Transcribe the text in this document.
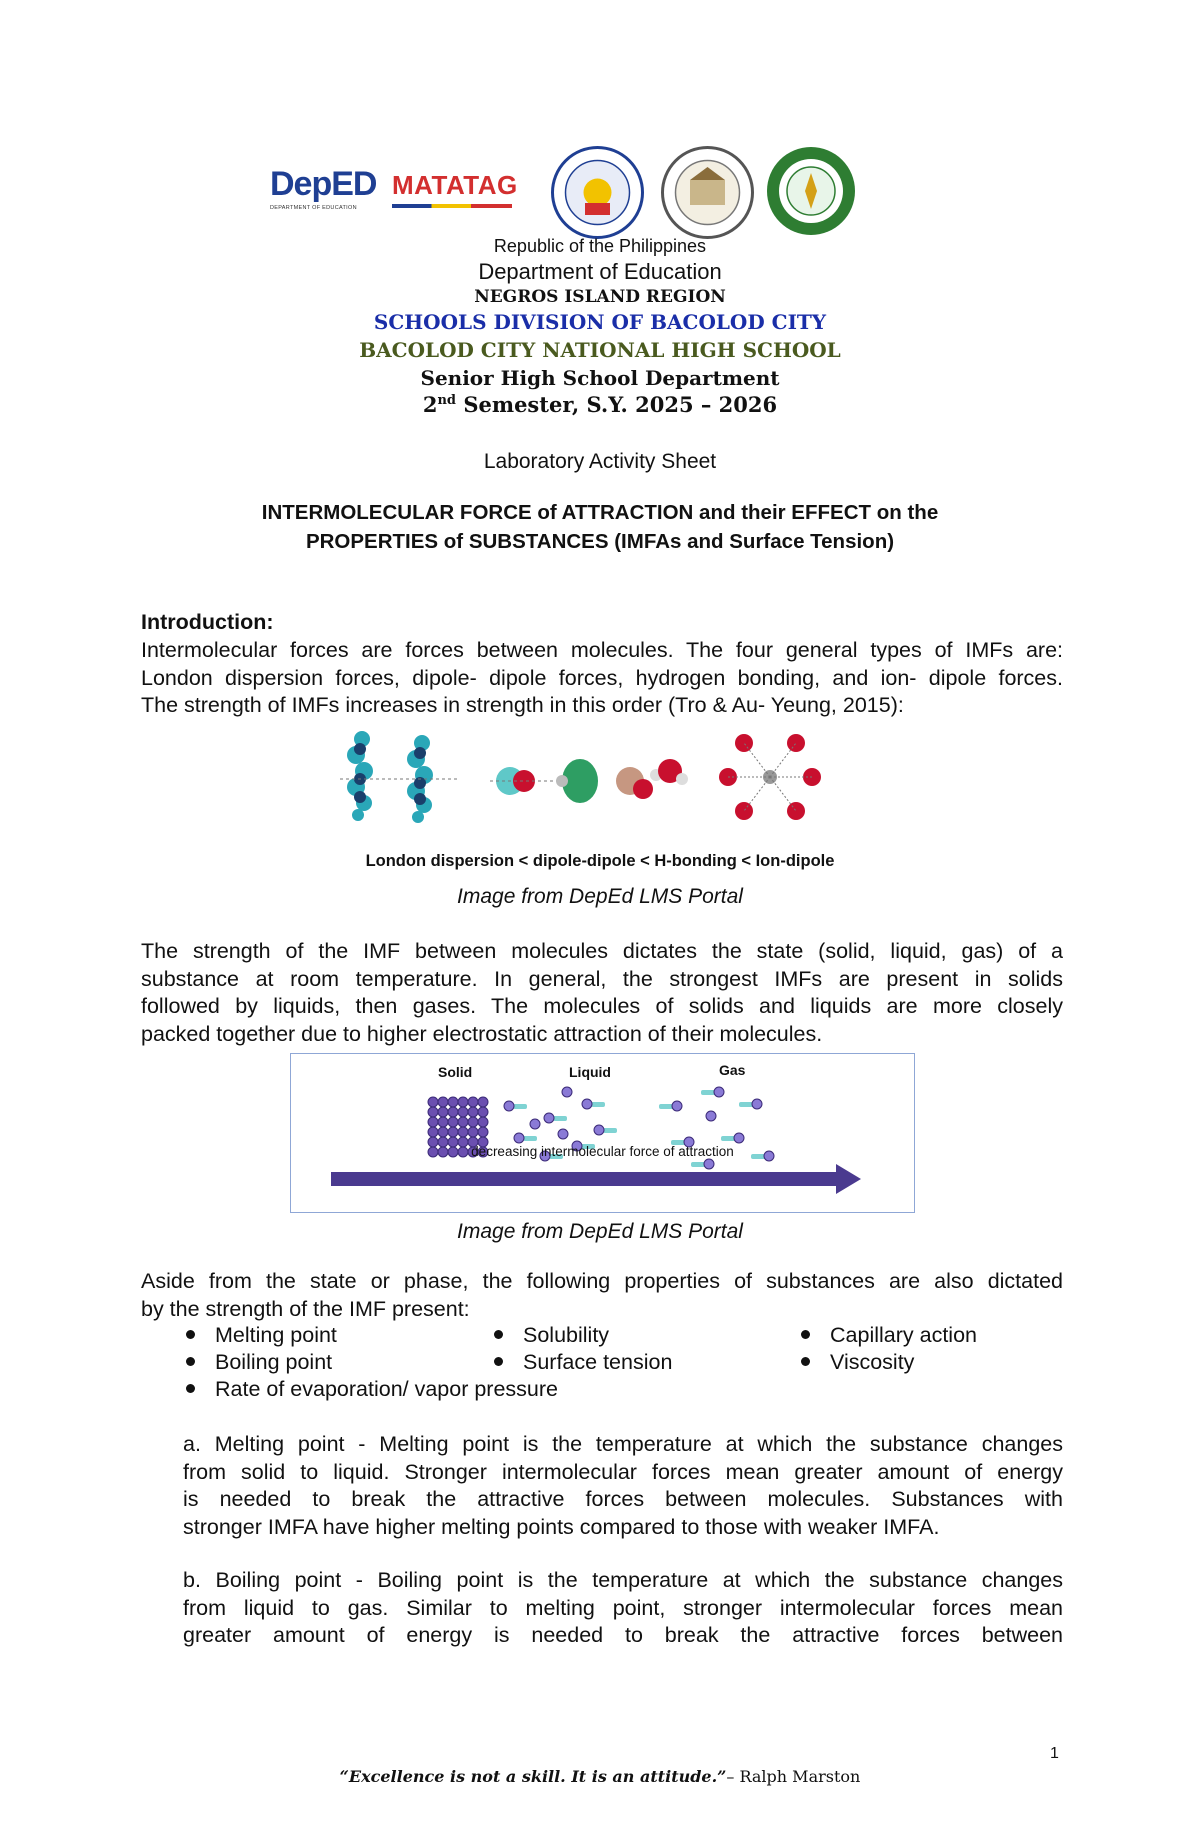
DepED
DEPARTMENT OF EDUCATION
MATATAG
Republic of the Philippines
Department of Education
NEGROS ISLAND REGION
SCHOOLS DIVISION OF BACOLOD CITY
BACOLOD CITY NATIONAL HIGH SCHOOL
Senior High School Department
2nd Semester, S.Y. 2025 – 2026
Laboratory Activity Sheet
INTERMOLECULAR FORCE of ATTRACTION and their EFFECT on the
PROPERTIES of SUBSTANCES (IMFAs and Surface Tension)
Introduction:
Intermolecular forces are forces between molecules. The four general types of IMFs are:
London dispersion forces, dipole- dipole forces, hydrogen bonding, and ion- dipole forces.
The strength of IMFs increases in strength in this order (Tro & Au- Yeung, 2015):
London dispersion < dipole-dipole < H-bonding < Ion-dipole
Image from DepEd LMS Portal
The strength of the IMF between molecules dictates the state (solid, liquid, gas) of a
substance at room temperature. In general, the strongest IMFs are present in solids
followed by liquids, then gases. The molecules of solids and liquids are more closely
packed together due to higher electrostatic attraction of their molecules.
Solid	Liquid	Gas
decreasing intermolecular force of attraction
Image from DepEd LMS Portal
Aside from the state or phase, the following properties of substances are also dictated
by the strength of the IMF present:
Melting point	Solubility	Capillary action
Boiling point	Surface tension	Viscosity
Rate of evaporation/ vapor pressure
a. Melting point - Melting point is the temperature at which the substance changes
from solid to liquid. Stronger intermolecular forces mean greater amount of energy
is needed to break the attractive forces between molecules. Substances with
stronger IMFA have higher melting points compared to those with weaker IMFA.
b. Boiling point - Boiling point is the temperature at which the substance changes
from liquid to gas. Similar to melting point, stronger intermolecular forces mean
greater amount of energy is needed to break the attractive forces between
1
“Excellence is not a skill. It is an attitude.”– Ralph Marston
